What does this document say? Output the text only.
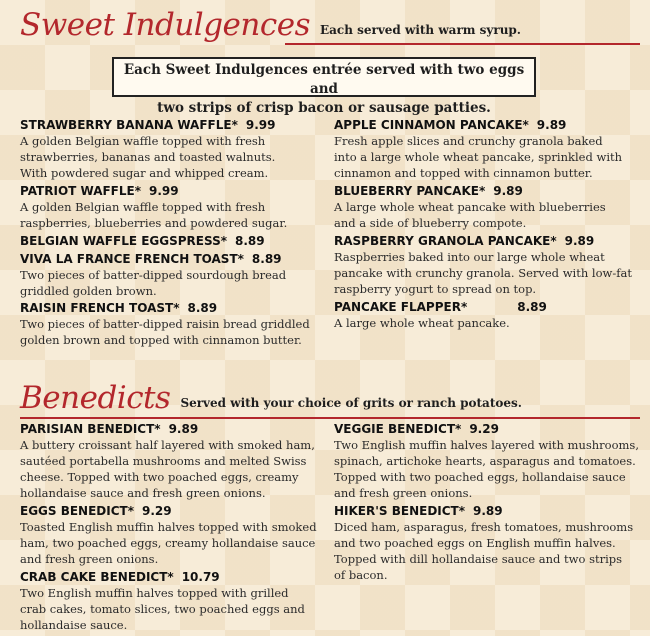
Sweet Indulgences Each served with warm syrup.
Each Sweet Indulgences entrée served with two eggs and
two strips of crisp bacon or sausage patties.
STRAWBERRY BANANA WAFFLE* 9.99
A golden Belgian waffle topped with fresh
strawberries, bananas and toasted walnuts.
With powdered sugar and whipped cream.
PATRIOT WAFFLE* 9.99
A golden Belgian waffle topped with fresh
raspberries, blueberries and powdered sugar.
BELGIAN WAFFLE EGGSPRESS* 8.89
VIVA LA FRANCE FRENCH TOAST* 8.89
Two pieces of batter-dipped sourdough bread
griddled golden brown.
RAISIN FRENCH TOAST* 8.89
Two pieces of batter-dipped raisin bread griddled
golden brown and topped with cinnamon butter.
APPLE CINNAMON PANCAKE* 9.89
Fresh apple slices and crunchy granola baked
into a large whole wheat pancake, sprinkled with
cinnamon and topped with cinnamon butter.
BLUEBERRY PANCAKE* 9.89
A large whole wheat pancake with blueberries
and a side of blueberry compote.
RASPBERRY GRANOLA PANCAKE* 9.89
Raspberries baked into our large whole wheat
pancake with crunchy granola. Served with low-fat
raspberry yogurt to spread on top.
PANCAKE FLAPPER*	8.89
A large whole wheat pancake.
Benedicts Served with your choice of grits or ranch potatoes.
PARISIAN BENEDICT* 9.89
A buttery croissant half layered with smoked ham,
sautéed portabella mushrooms and melted Swiss
cheese. Topped with two poached eggs, creamy
hollandaise sauce and fresh green onions.
EGGS BENEDICT* 9.29
Toasted English muffin halves topped with smoked
ham, two poached eggs, creamy hollandaise sauce
and fresh green onions.
CRAB CAKE BENEDICT* 10.79
Two English muffin halves topped with grilled
crab cakes, tomato slices, two poached eggs and
hollandaise sauce.
VEGGIE BENEDICT* 9.29
Two English muffin halves layered with mushrooms,
spinach, artichoke hearts, asparagus and tomatoes.
Topped with two poached eggs, hollandaise sauce
and fresh green onions.
HIKER'S BENEDICT* 9.89
Diced ham, asparagus, fresh tomatoes, mushrooms
and two poached eggs on English muffin halves.
Topped with dill hollandaise sauce and two strips
of bacon.
